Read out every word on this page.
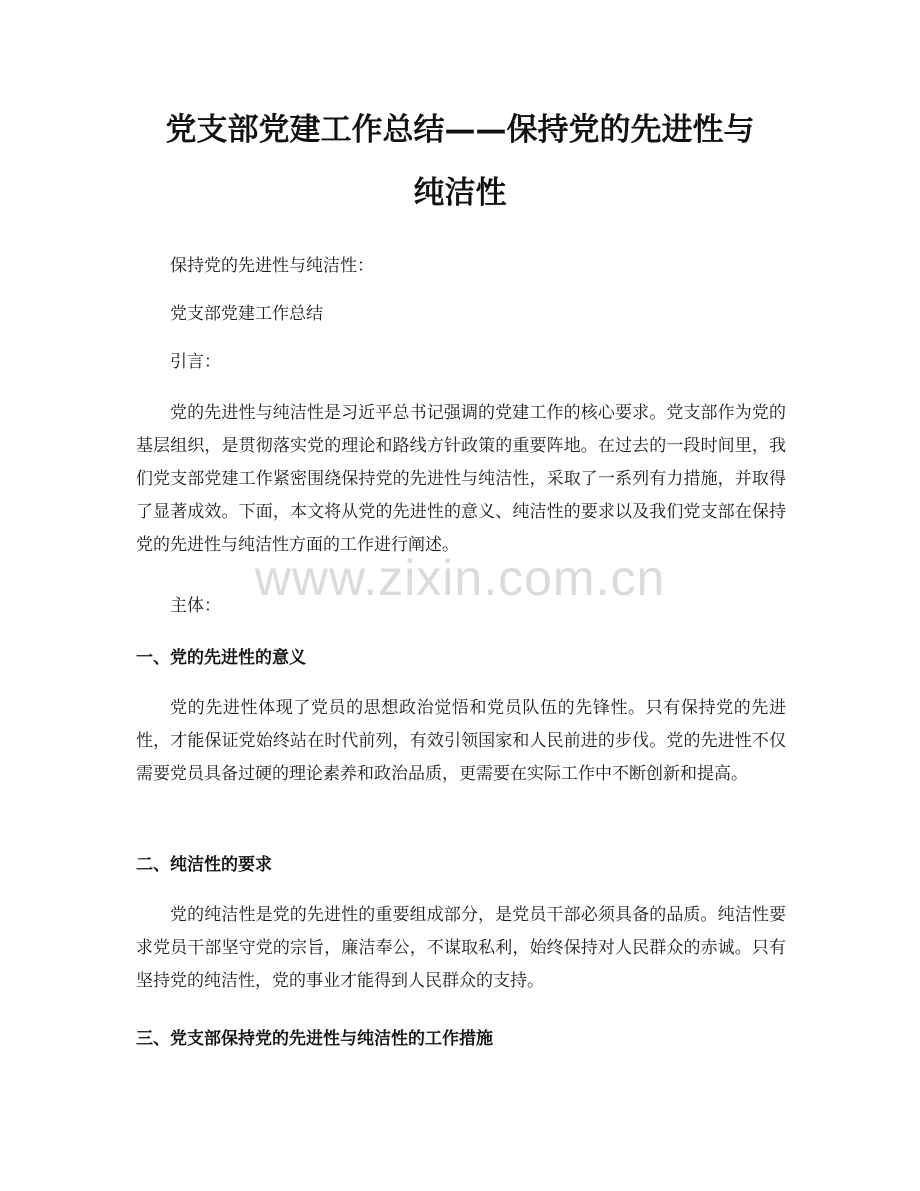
党支部党建工作总结——保持党的先进性与
纯洁性
保持党的先进性与纯洁性：
党支部党建工作总结
引言：
党的先进性与纯洁性是习近平总书记强调的党建工作的核心要求。党支部作为党的基层组织，是贯彻落实党的理论和路线方针政策的重要阵地。在过去的一段时间里，我们党支部党建工作紧密围绕保持党的先进性与纯洁性，采取了一系列有力措施，并取得了显著成效。下面，本文将从党的先进性的意义、纯洁性的要求以及我们党支部在保持党的先进性与纯洁性方面的工作进行阐述。
主体：
一、党的先进性的意义
党的先进性体现了党员的思想政治觉悟和党员队伍的先锋性。只有保持党的先进性，才能保证党始终站在时代前列，有效引领国家和人民前进的步伐。党的先进性不仅需要党员具备过硬的理论素养和政治品质，更需要在实际工作中不断创新和提高。
二、纯洁性的要求
党的纯洁性是党的先进性的重要组成部分，是党员干部必须具备的品质。纯洁性要求党员干部坚守党的宗旨，廉洁奉公，不谋取私利，始终保持对人民群众的赤诚。只有坚持党的纯洁性，党的事业才能得到人民群众的支持。
三、党支部保持党的先进性与纯洁性的工作措施
www.zixin.com.cn
